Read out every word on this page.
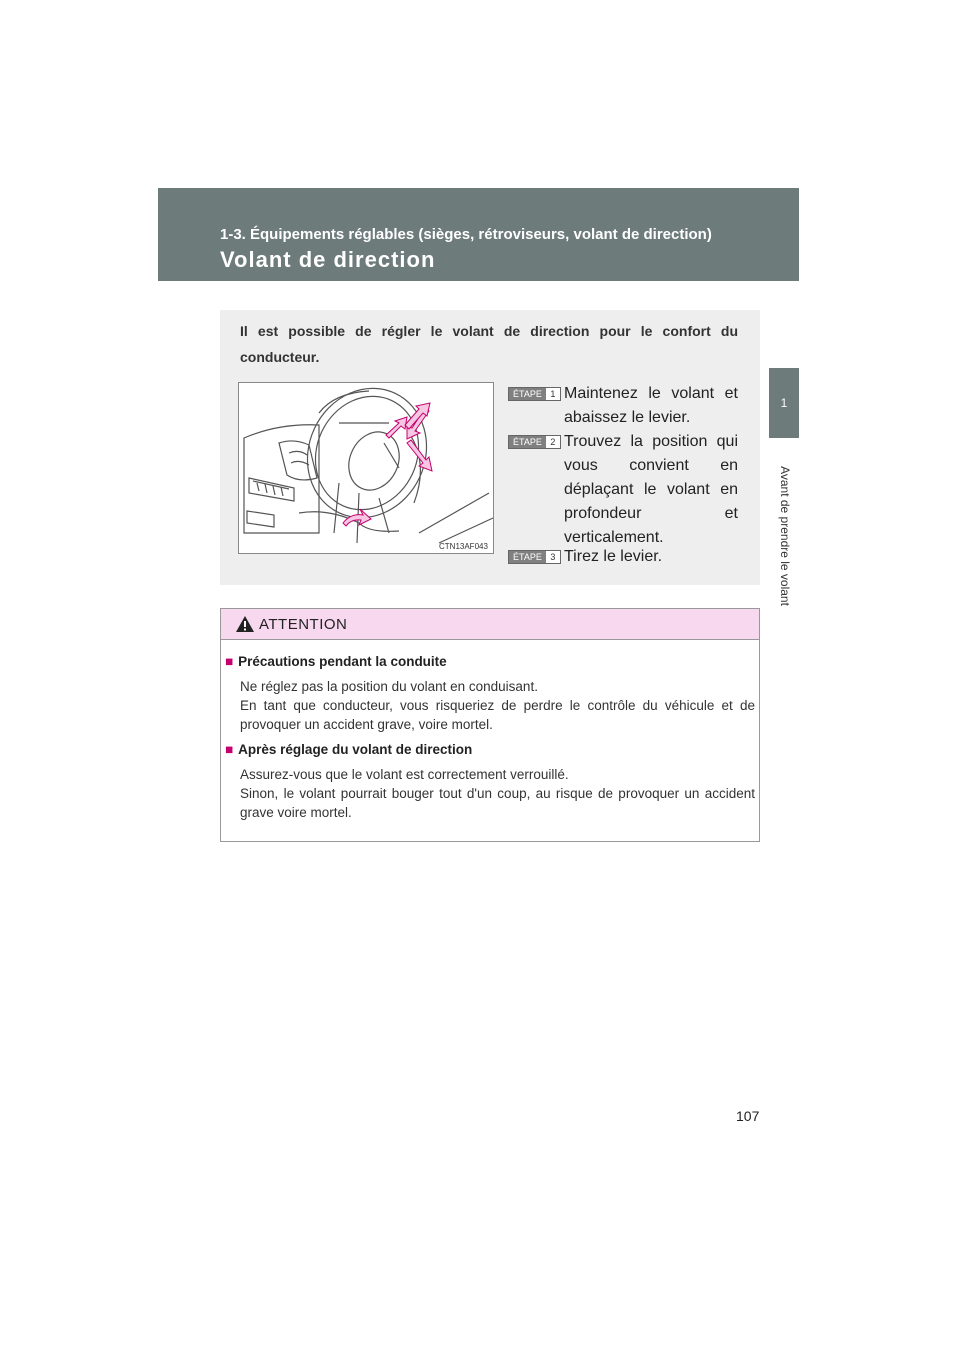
1-3. Équipements réglables (sièges, rétroviseurs, volant de direction)
Volant de direction
1
Avant de prendre le volant
Il est possible de régler le volant de direction pour le confort du conducteur.
CTN13AF043
ÉTAPE 1 Maintenez le volant et abaissez le levier.
ÉTAPE 2 Trouvez la position qui vous convient en déplaçant le volant en profondeur et verticalement.
ÉTAPE 3 Tirez le levier.
ATTENTION
■ Précautions pendant la conduite
Ne réglez pas la position du volant en conduisant.
En tant que conducteur, vous risqueriez de perdre le contrôle du véhicule et de provoquer un accident grave, voire mortel.
■ Après réglage du volant de direction
Assurez-vous que le volant est correctement verrouillé.
Sinon, le volant pourrait bouger tout d'un coup, au risque de provoquer un accident grave voire mortel.
107
